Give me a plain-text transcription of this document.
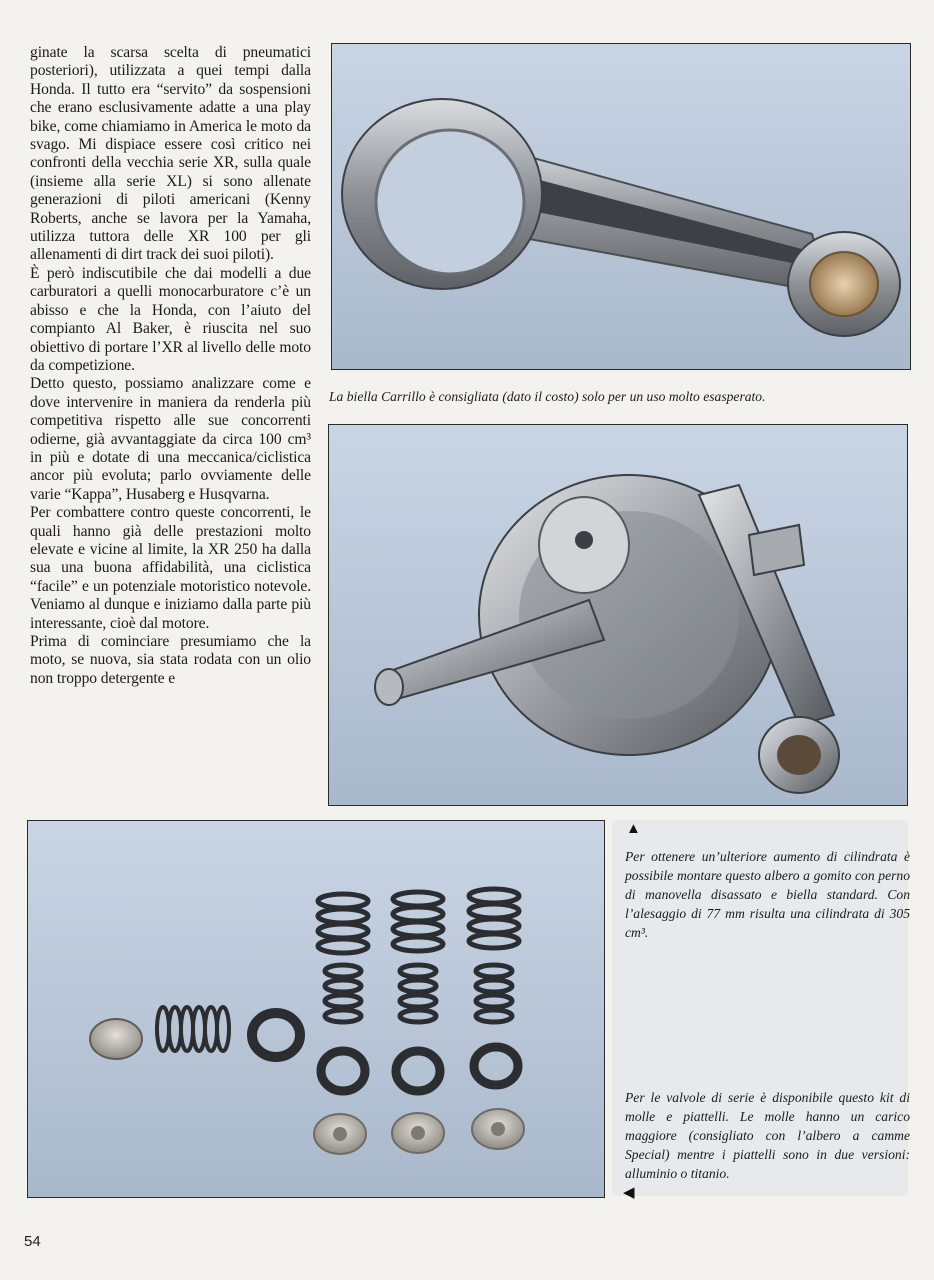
ginate la scarsa scelta di pneumatici posteriori), utilizzata a quei tempi dalla Honda. Il tutto era “servito” da sospensioni che erano esclusivamente adatte a una play bike, come chiamiamo in America le moto da svago. Mi dispiace essere così critico nei confronti della vecchia serie XR, sulla quale (insieme alla serie XL) si sono allenate generazioni di piloti americani (Kenny Roberts, anche se lavora per la Yamaha, utilizza tuttora delle XR 100 per gli allenamenti di dirt track dei suoi piloti).

È però indiscutibile che dai modelli a due carburatori a quelli monocarburatore c’è un abisso e che la Honda, con l’aiuto del compianto Al Baker, è riuscita nel suo obiettivo di portare l’XR al livello delle moto da competizione.

Detto questo, possiamo analizzare come e dove intervenire in maniera da renderla più competitiva rispetto alle sue concorrenti odierne, già avvantaggiate da circa 100 cm³ in più e dotate di una meccanica/ciclistica ancor più evoluta; parlo ovviamente delle varie “Kappa”, Husaberg e Husqvarna.

Per combattere contro queste concorrenti, le quali hanno già delle prestazioni molto elevate e vicine al limite, la XR 250 ha dalla sua una buona affidabilità, una ciclistica “facile” e un potenziale motoristico notevole. Veniamo al dunque e iniziamo dalla parte più interessante, cioè dal motore.

Prima di cominciare presumiamo che la moto, se nuova, sia stata rodata con un olio non troppo detergente e

La biella Carrillo è consigliata (dato il costo) solo per un uso molto esasperato.
▲
Per ottenere un’ulteriore aumento di cilindrata è possibile montare questo albero a gomito con perno di manovella disassato e biella standard. Con l’alesaggio di 77 mm risulta una cilindrata di 305 cm³.
Per le valvole di serie è disponibile questo kit di molle e piattelli. Le molle hanno un carico maggiore (consigliato con l’albero a camme Special) mentre i piattelli sono in due versioni: alluminio o titanio.
◀
54
